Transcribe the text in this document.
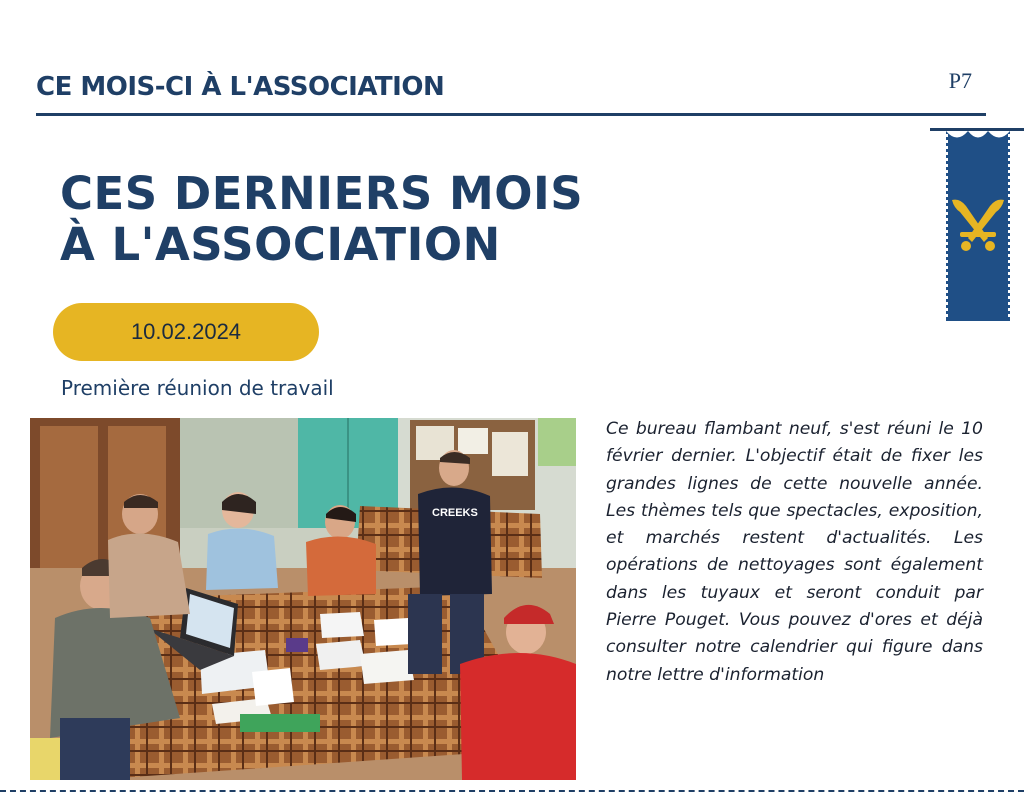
CE MOIS-CI À L'ASSOCIATION	P7
CES DERNIERS MOIS
À L'ASSOCIATION
10.02.2024
Première réunion de travail
CREEKS

Ce bureau flambant neuf, s'est réuni le 10 février dernier. L'objectif était de fixer les grandes lignes de cette nouvelle année. Les thèmes tels que spectacles, exposition, et marchés restent d'actualités. Les opérations de nettoyages sont également dans les tuyaux et seront conduit par Pierre Pouget. Vous pouvez d'ores et déjà consulter notre calendrier qui figure dans notre lettre d'information
